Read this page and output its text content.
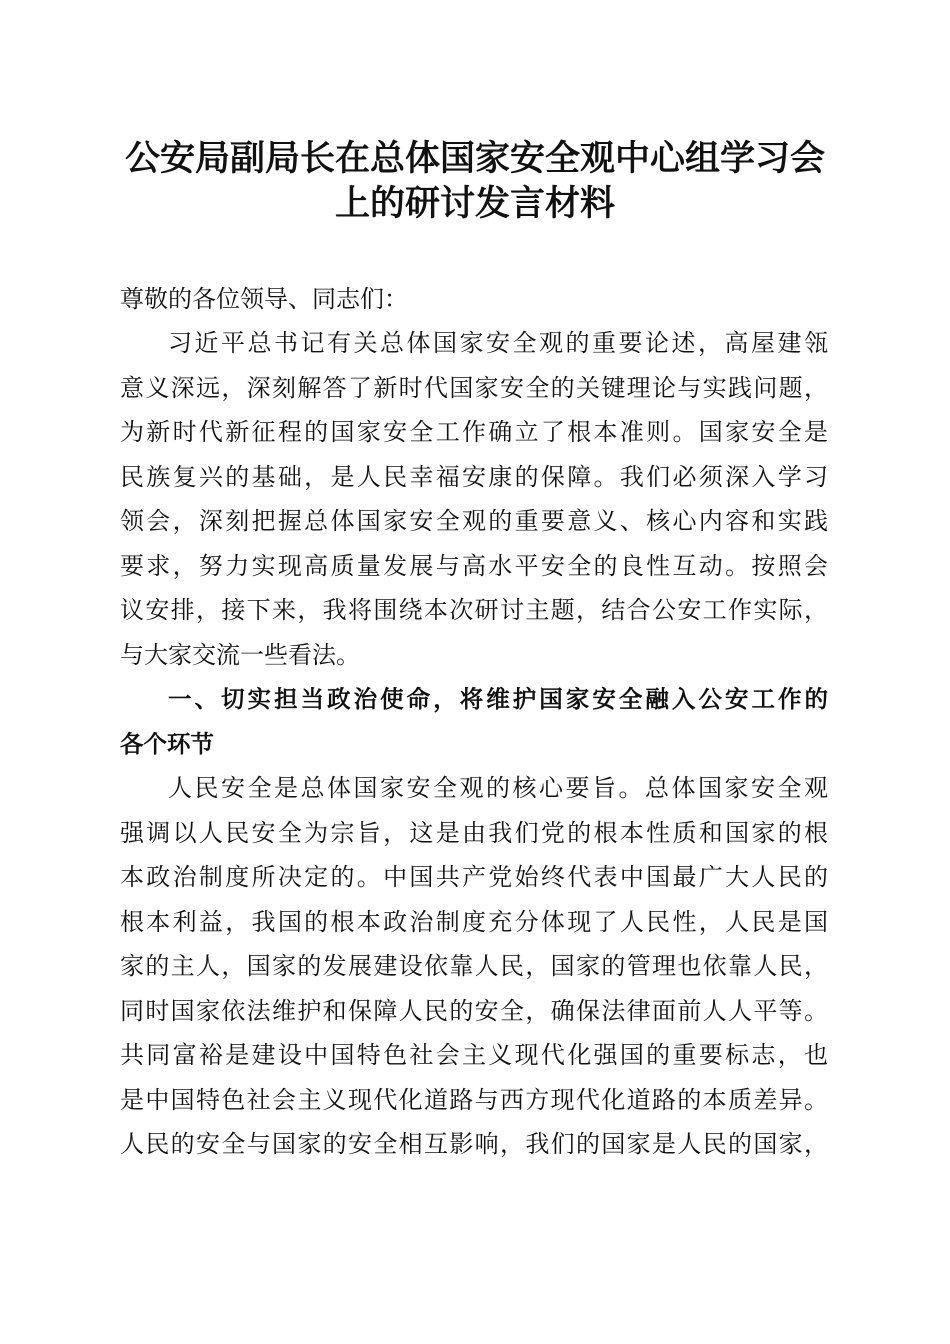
公安局副局长在总体国家安全观中心组学习会
上的研讨发言材料
尊敬的各位领导、同志们：
习近平总书记有关总体国家安全观的重要论述，高屋建瓴
意义深远，深刻解答了新时代国家安全的关键理论与实践问题，
为新时代新征程的国家安全工作确立了根本准则。国家安全是
民族复兴的基础，是人民幸福安康的保障。我们必须深入学习
领会，深刻把握总体国家安全观的重要意义、核心内容和实践
要求，努力实现高质量发展与高水平安全的良性互动。按照会
议安排，接下来，我将围绕本次研讨主题，结合公安工作实际，
与大家交流一些看法。
一、切实担当政治使命，将维护国家安全融入公安工作的
各个环节
人民安全是总体国家安全观的核心要旨。总体国家安全观
强调以人民安全为宗旨，这是由我们党的根本性质和国家的根
本政治制度所决定的。中国共产党始终代表中国最广大人民的
根本利益，我国的根本政治制度充分体现了人民性，人民是国
家的主人，国家的发展建设依靠人民，国家的管理也依靠人民，
同时国家依法维护和保障人民的安全，确保法律面前人人平等。
共同富裕是建设中国特色社会主义现代化强国的重要标志，也
是中国特色社会主义现代化道路与西方现代化道路的本质差异。
人民的安全与国家的安全相互影响，我们的国家是人民的国家，
